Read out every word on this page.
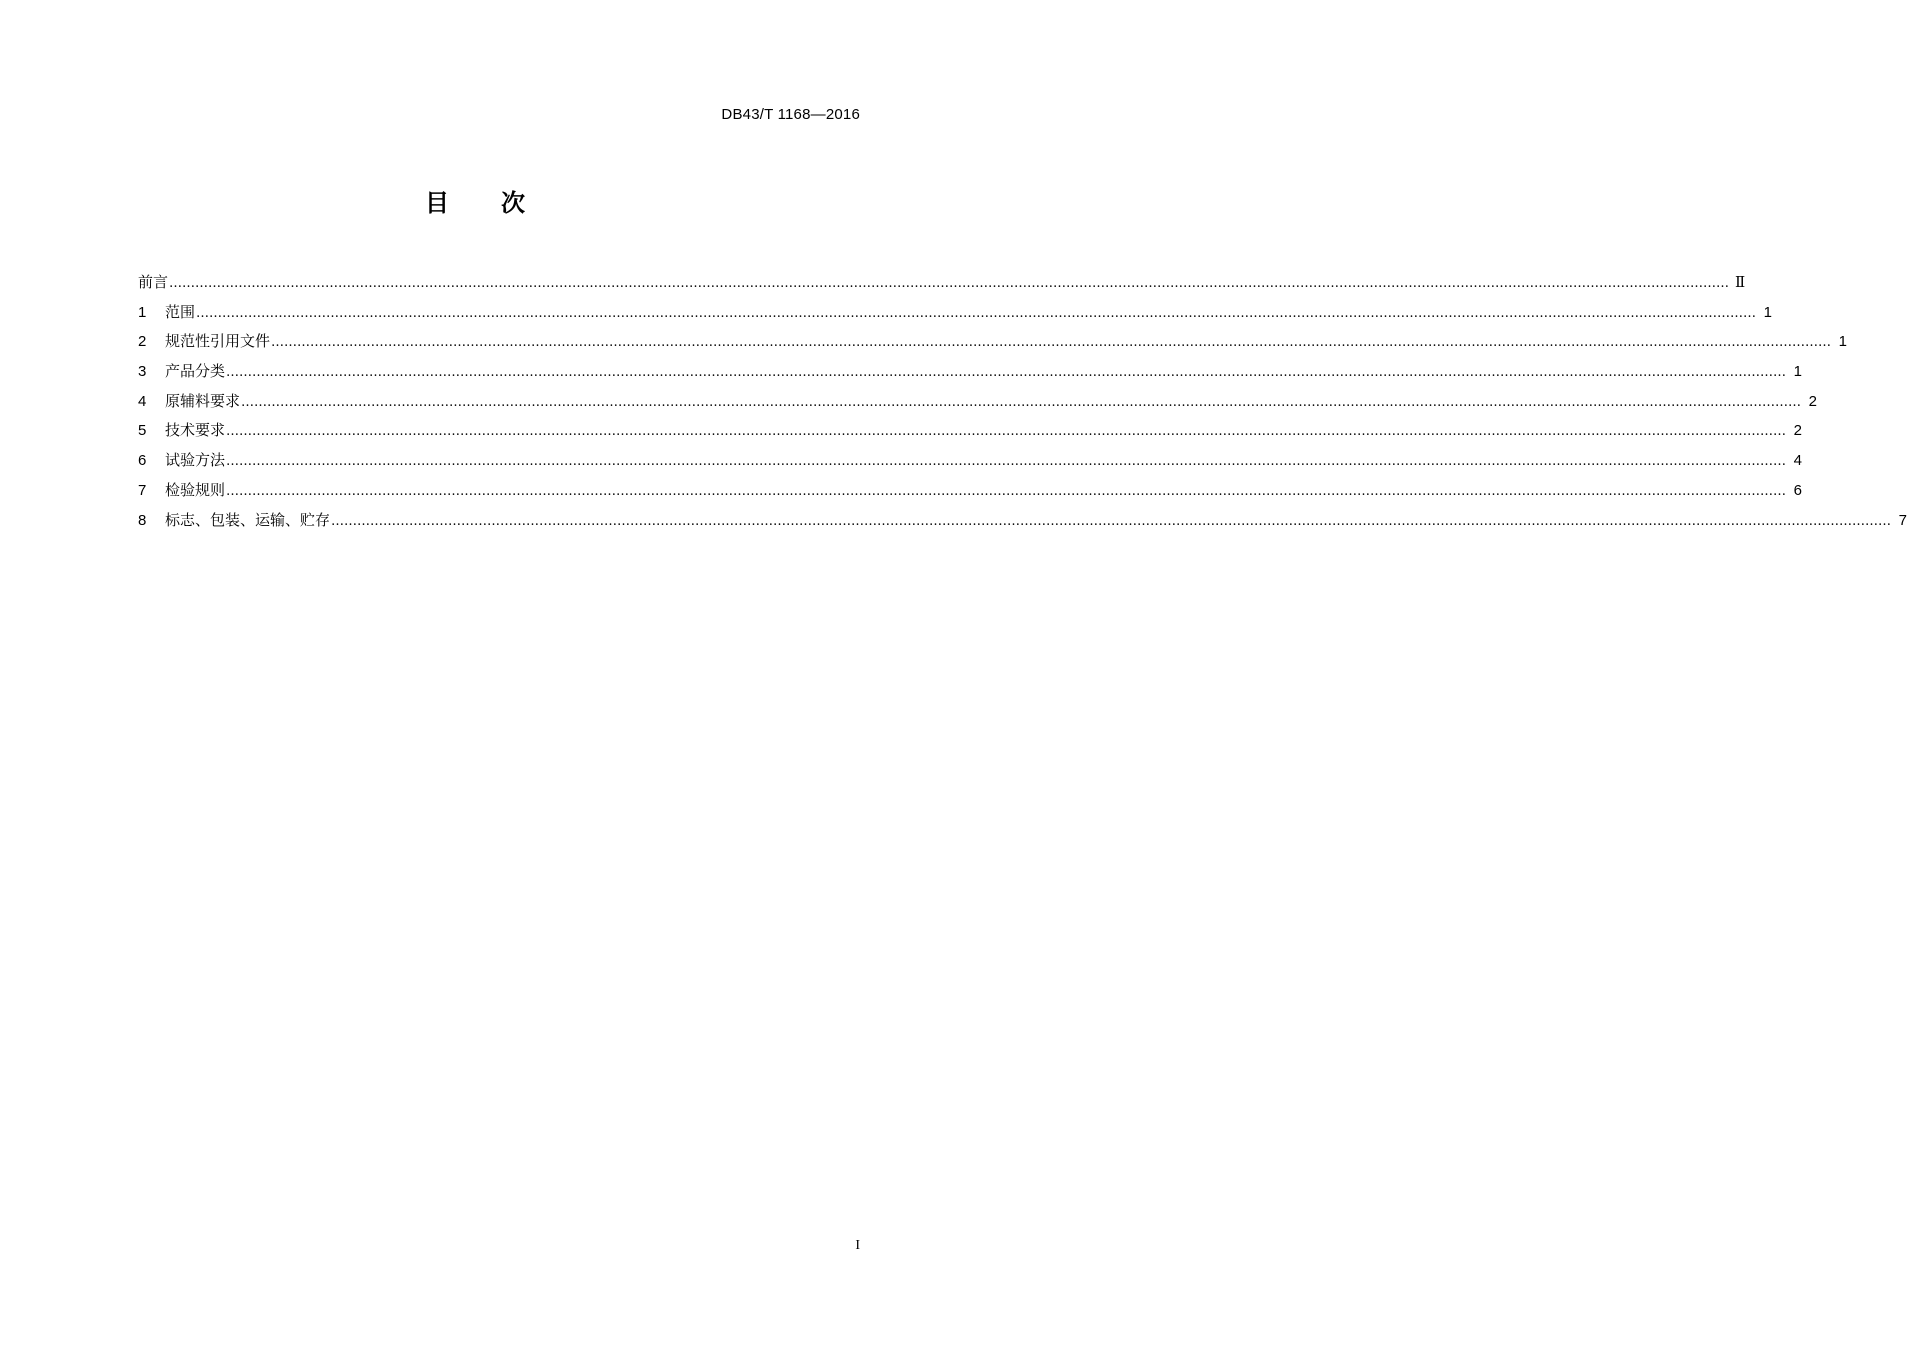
DB43/T 1168—2016
目 次
前言 ……………………………………………………………………………………………………………………………………………………………………………………………………………………………………………………………………………………………………………………………… Ⅱ
1	范围 ……………………………………………………………………………………………………………………………………………………………………………………………………………………………………………………………………………………………………………………………… 1
2	规范性引用文件 ……………………………………………………………………………………………………………………………………………………………………………………………………………………………………………………………………………………………………………………………… 1
3	产品分类 ……………………………………………………………………………………………………………………………………………………………………………………………………………………………………………………………………………………………………………………………… 1
4	原辅料要求 ……………………………………………………………………………………………………………………………………………………………………………………………………………………………………………………………………………………………………………………………… 2
5	技术要求 ……………………………………………………………………………………………………………………………………………………………………………………………………………………………………………………………………………………………………………………………… 2
6	试验方法 ……………………………………………………………………………………………………………………………………………………………………………………………………………………………………………………………………………………………………………………………… 4
7	检验规则 ……………………………………………………………………………………………………………………………………………………………………………………………………………………………………………………………………………………………………………………………… 6
8	标志、包装、运输、贮存 ……………………………………………………………………………………………………………………………………………………………………………………………………………………………………………………………………………………………………………………………… 7
I
